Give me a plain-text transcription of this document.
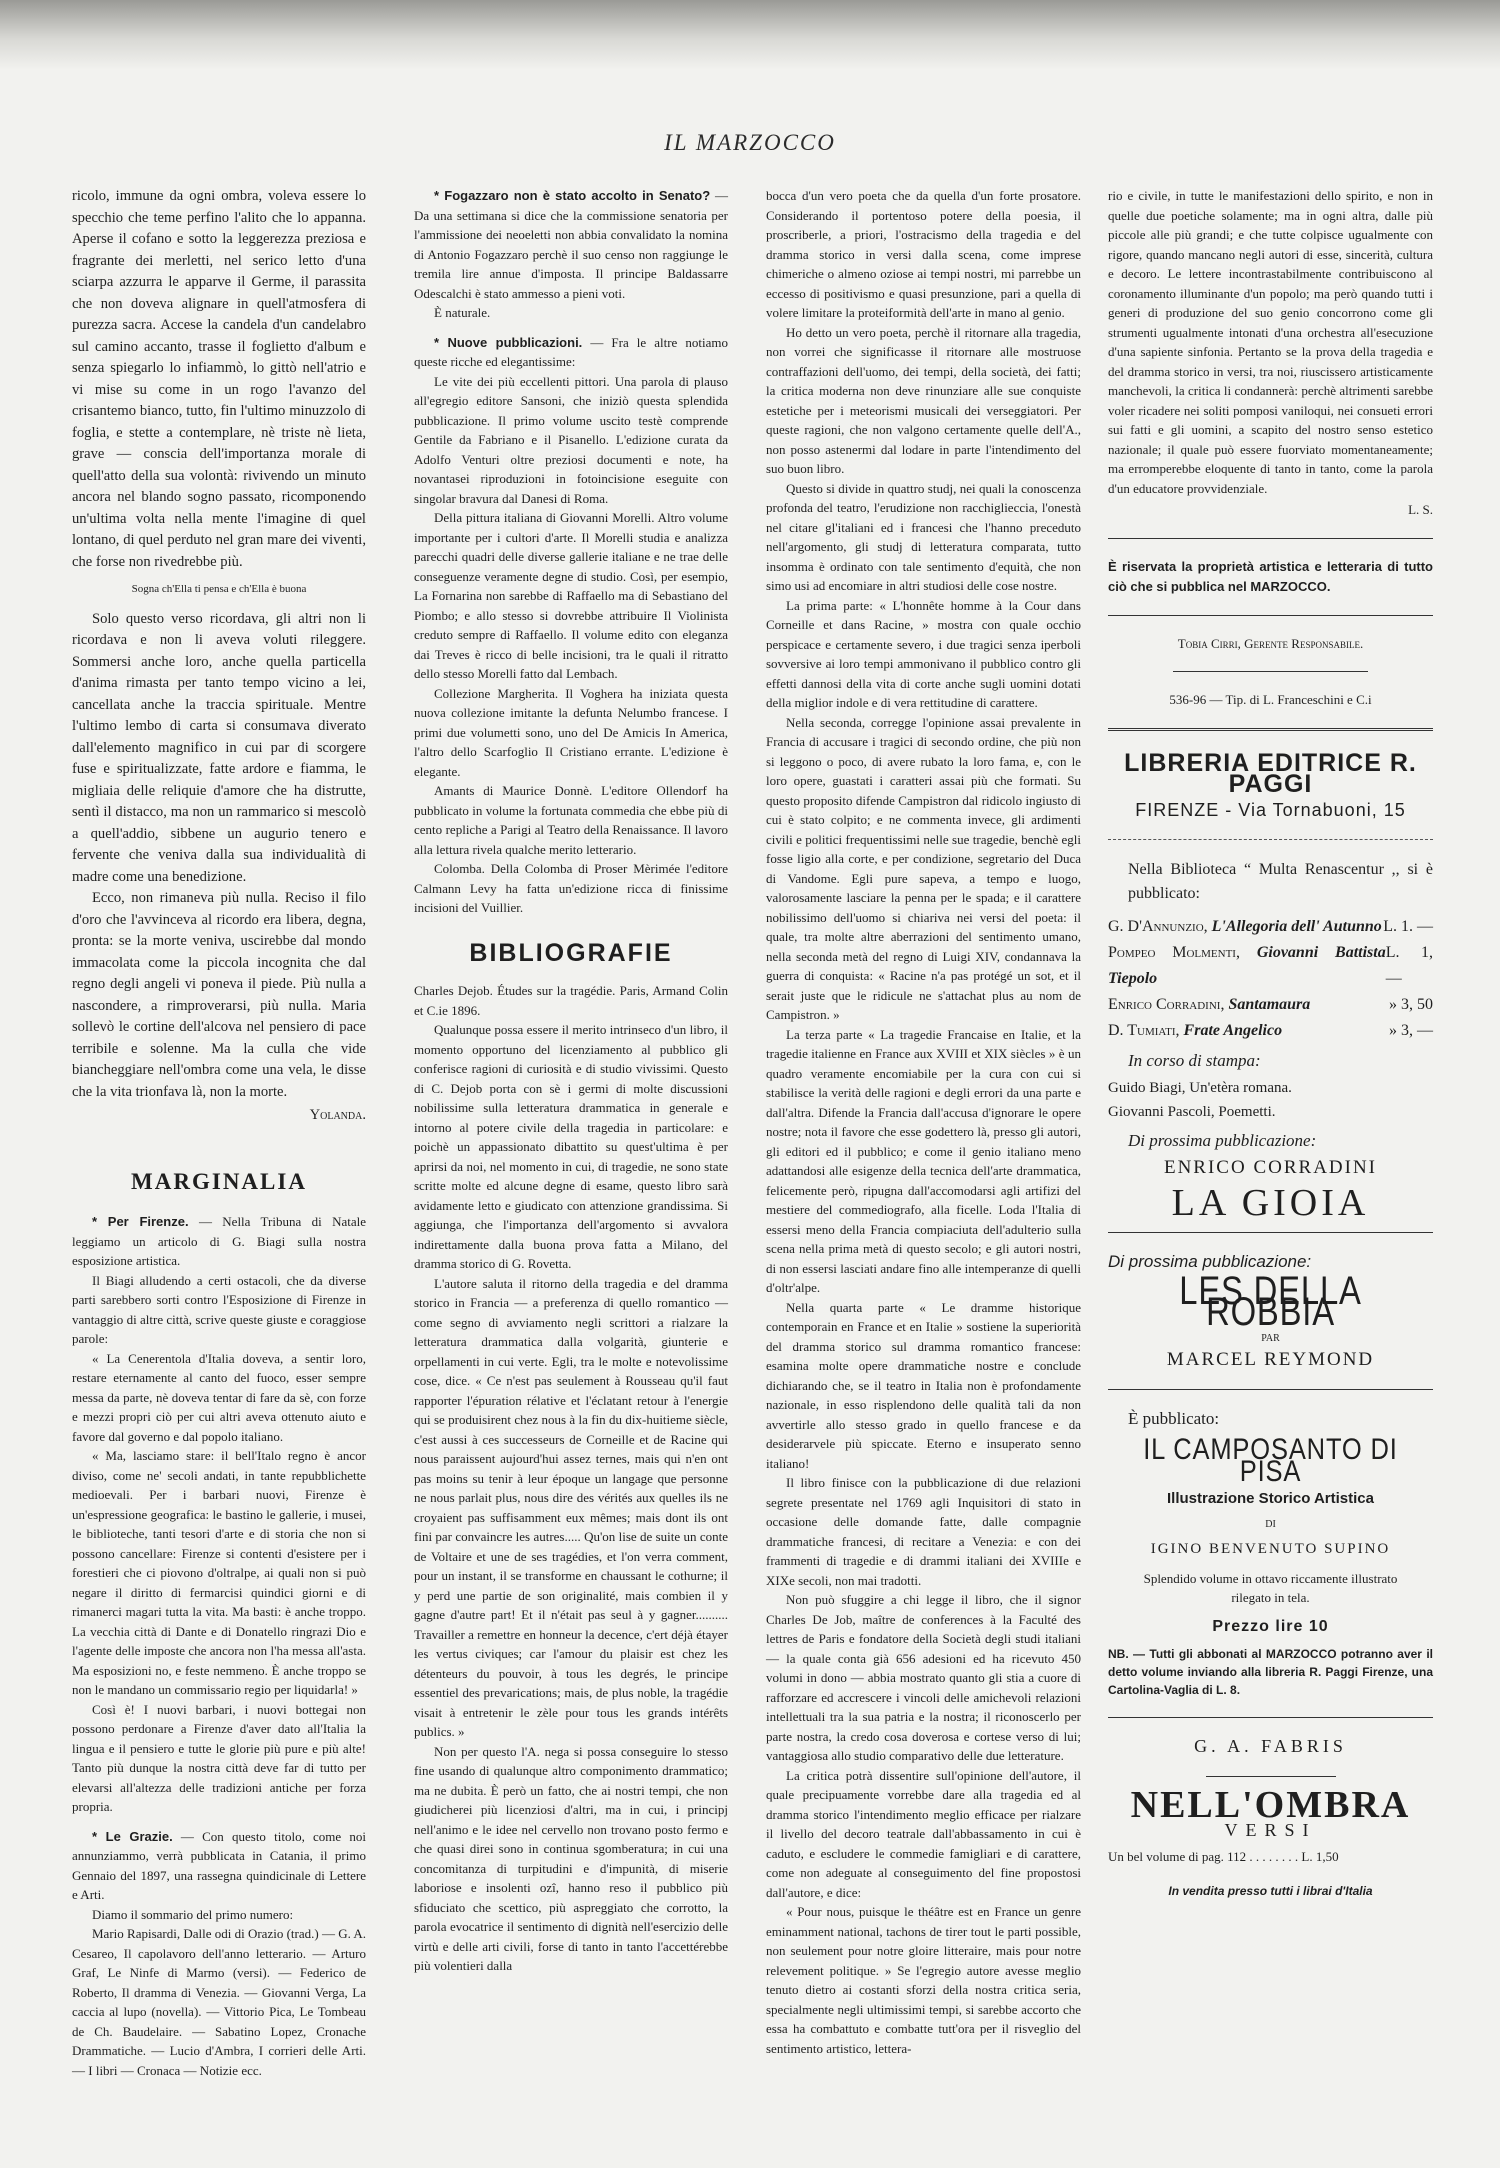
IL MARZOCCO

ricolo, immune da ogni ombra, voleva essere lo specchio che teme perfino l'alito che lo appanna. Aperse il cofano e sotto la leggerezza preziosa e fragrante dei merletti, nel serico letto d'una sciarpa azzurra le apparve il Germe, il parassita che non doveva alignare in quell'atmosfera di purezza sacra. Accese la candela d'un candelabro sul camino accanto, trasse il foglietto d'album e senza spiegarlo lo infiammò, lo gittò nell'atrio e vi mise su come in un rogo l'avanzo del crisantemo bianco, tutto, fin l'ultimo minuzzolo di foglia, e stette a contemplare, nè triste nè lieta, grave — conscia dell'importanza morale di quell'atto della sua volontà: rivivendo un minuto ancora nel blando sogno passato, ricomponendo un'ultima volta nella mente l'imagine di quel lontano, di quel perduto nel gran mare dei viventi, che forse non rivedrebbe più.

Sogna ch'Ella ti pensa e ch'Ella è buona

Solo questo verso ricordava, gli altri non li ricordava e non li aveva voluti rileggere. Sommersi anche loro, anche quella particella d'anima rimasta per tanto tempo vicino a lei, cancellata anche la traccia spirituale. Mentre l'ultimo lembo di carta si consumava diverato dall'elemento magnifico in cui par di scorgere fuse e spiritualizzate, fatte ardore e fiamma, le migliaia delle reliquie d'amore che ha distrutte, sentì il distacco, ma non un rammarico si mescolò a quell'addio, sibbene un augurio tenero e fervente che veniva dalla sua individualità di madre come una benedizione.

Ecco, non rimaneva più nulla. Reciso il filo d'oro che l'avvinceva al ricordo era libera, degna, pronta: se la morte veniva, uscirebbe dal mondo immacolata come la piccola incognita che dal regno degli angeli vi poneva il piede. Più nulla a nascondere, a rimproverarsi, più nulla. Maria sollevò le cortine dell'alcova nel pensiero di pace terribile e solenne. Ma la culla che vide biancheggiare nell'ombra come una vela, le disse che la vita trionfava là, non la morte.

Yolanda.
MARGINALIA

* Per Firenze. — Nella Tribuna di Natale leggiamo un articolo di G. Biagi sulla nostra esposizione artistica.

Il Biagi alludendo a certi ostacoli, che da diverse parti sarebbero sorti contro l'Esposizione di Firenze in vantaggio di altre città, scrive queste giuste e coraggiose parole:

« La Cenerentola d'Italia doveva, a sentir loro, restare eternamente al canto del fuoco, esser sempre messa da parte, nè doveva tentar di fare da sè, con forze e mezzi propri ciò per cui altri aveva ottenuto aiuto e favore dal governo e dal popolo italiano.

« Ma, lasciamo stare: il bell'Italo regno è ancor diviso, come ne' secoli andati, in tante repubblichette medioevali. Per i barbari nuovi, Firenze è un'espressione geografica: le bastino le gallerie, i musei, le biblioteche, tanti tesori d'arte e di storia che non si possono cancellare: Firenze si contenti d'esistere per i forestieri che ci piovono d'oltralpe, ai quali non si può negare il diritto di fermarcisi quindici giorni e di rimanerci magari tutta la vita. Ma basti: è anche troppo. La vecchia città di Dante e di Donatello ringrazi Dio e l'agente delle imposte che ancora non l'ha messa all'asta. Ma esposizioni no, e feste nemmeno. È anche troppo se non le mandano un commissario regio per liquidarla! »

Così è! I nuovi barbari, i nuovi bottegai non possono perdonare a Firenze d'aver dato all'Italia la lingua e il pensiero e tutte le glorie più pure e più alte! Tanto più dunque la nostra città deve far di tutto per elevarsi all'altezza delle tradizioni antiche per forza propria.

* Le Grazie. — Con questo titolo, come noi annunziammo, verrà pubblicata in Catania, il primo Gennaio del 1897, una rassegna quindicinale di Lettere e Arti.

Diamo il sommario del primo numero:

Mario Rapisardi, Dalle odi di Orazio (trad.) — G. A. Cesareo, Il capolavoro dell'anno letterario. — Arturo Graf, Le Ninfe di Marmo (versi). — Federico de Roberto, Il dramma di Venezia. — Giovanni Verga, La caccia al lupo (novella). — Vittorio Pica, Le Tombeau de Ch. Baudelaire. — Sabatino Lopez, Cronache Drammatiche. — Lucio d'Ambra, I corrieri delle Arti. — I libri — Cronaca — Notizie ecc.

* Fogazzaro non è stato accolto in Senato? — Da una settimana si dice che la commissione senatoria per l'ammissione dei neoeletti non abbia convalidato la nomina di Antonio Fogazzaro perchè il suo censo non raggiunge le tremila lire annue d'imposta. Il principe Baldassarre Odescalchi è stato ammesso a pieni voti.

È naturale.

* Nuove pubblicazioni. — Fra le altre notiamo queste ricche ed elegantissime:

Le vite dei più eccellenti pittori. Una parola di plauso all'egregio editore Sansoni, che iniziò questa splendida pubblicazione. Il primo volume uscito testè comprende Gentile da Fabriano e il Pisanello. L'edizione curata da Adolfo Venturi oltre preziosi documenti e note, ha novantasei riproduzioni in fotoincisione eseguite con singolar bravura dal Danesi di Roma.

Della pittura italiana di Giovanni Morelli. Altro volume importante per i cultori d'arte. Il Morelli studia e analizza parecchi quadri delle diverse gallerie italiane e ne trae delle conseguenze veramente degne di studio. Così, per esempio, La Fornarina non sarebbe di Raffaello ma di Sebastiano del Piombo; e allo stesso si dovrebbe attribuire Il Violinista creduto sempre di Raffaello. Il volume edito con eleganza dai Treves è ricco di belle incisioni, tra le quali il ritratto dello stesso Morelli fatto dal Lembach.

Collezione Margherita. Il Voghera ha iniziata questa nuova collezione imitante la defunta Nelumbo francese. I primi due volumetti sono, uno del De Amicis In America, l'altro dello Scarfoglio Il Cristiano errante. L'edizione è elegante.

Amants di Maurice Donnè. L'editore Ollendorf ha pubblicato in volume la fortunata commedia che ebbe più di cento repliche a Parigi al Teatro della Renaissance. Il lavoro alla lettura rivela qualche merito letterario.

Colomba. Della Colomba di Proser Mèrimée l'editore Calmann Levy ha fatta un'edizione ricca di finissime incisioni del Vuillier.

BIBLIOGRAFIE

Charles Dejob. Études sur la tragédie. Paris, Armand Colin et C.ie 1896.

Qualunque possa essere il merito intrinseco d'un libro, il momento opportuno del licenziamento al pubblico gli conferisce ragioni di curiosità e di studio vivissimi. Questo di C. Dejob porta con sè i germi di molte discussioni nobilissime sulla letteratura drammatica in generale e intorno al potere civile della tragedia in particolare: e poichè un appassionato dibattito su quest'ultima è per aprirsi da noi, nel momento in cui, di tragedie, ne sono state scritte molte ed alcune degne di esame, questo libro sarà avidamente letto e giudicato con attenzione grandissima. Si aggiunga, che l'importanza dell'argomento si avvalora indirettamente dalla buona prova fatta a Milano, del dramma storico di G. Rovetta.

L'autore saluta il ritorno della tragedia e del dramma storico in Francia — a preferenza di quello romantico — come segno di avviamento negli scrittori a rialzare la letteratura drammatica dalla volgarità, giunterie e orpellamenti in cui verte. Egli, tra le molte e notevolissime cose, dice. « Ce n'est pas seulement à Rousseau qu'il faut rapporter l'épuration rélative et l'éclatant retour à l'energie qui se produisirent chez nous à la fin du dix-huitieme siècle, c'est aussi à ces successeurs de Corneille et de Racine qui nous paraissent aujourd'hui assez ternes, mais qui n'en ont pas moins su tenir à leur époque un langage que personne ne nous parlait plus, nous dire des vérités aux quelles ils ne croyaient pas suffisamment eux mêmes; mais dont ils ont fini par convaincre les autres..... Qu'on lise de suite un conte de Voltaire et une de ses tragédies, et l'on verra comment, pour un instant, il se transforme en chaussant le cothurne; il y perd une partie de son originalité, mais combien il y gagne d'autre part! Et il n'était pas seul à y gagner.......... Travailler a remettre en honneur la decence, c'ert déjà étayer les vertus civiques; car l'amour du plaisir est chez les détenteurs du pouvoir, à tous les degrés, le principe essentiel des prevarications; mais, de plus noble, la tragédie visait à entretenir le zèle pour tous les grands intérêts publics. »

Non per questo l'A. nega si possa conseguire lo stesso fine usando di qualunque altro componimento drammatico; ma ne dubita. È però un fatto, che ai nostri tempi, che non giudicherei più licenziosi d'altri, ma in cui, i principj nell'animo e le idee nel cervello non trovano posto fermo e che quasi direi sono in continua sgomberatura; in cui una concomitanza di turpitudini e d'impunità, di miserie laboriose e insolenti ozî, hanno reso il pubblico più sfiduciato che scettico, più aspreggiato che corrotto, la parola evocatrice il sentimento di dignità nell'esercizio delle virtù e delle arti civili, forse di tanto in tanto l'accettérebbe più volentieri dalla

bocca d'un vero poeta che da quella d'un forte prosatore. Considerando il portentoso potere della poesia, il proscriberle, a priori, l'ostracismo della tragedia e del dramma storico in versi dalla scena, come imprese chimeriche o almeno oziose ai tempi nostri, mi parrebbe un eccesso di positivismo e quasi presunzione, pari a quella di volere limitare la proteiformità dell'arte in mano al genio.

Ho detto un vero poeta, perchè il ritornare alla tragedia, non vorrei che significasse il ritornare alle mostruose contraffazioni dell'uomo, dei tempi, della società, dei fatti; la critica moderna non deve rinunziare alle sue conquiste estetiche per i meteorismi musicali dei verseggiatori. Per queste ragioni, che non valgono certamente quelle dell'A., non posso astenermi dal lodare in parte l'intendimento del suo buon libro.

Questo si divide in quattro studj, nei quali la conoscenza profonda del teatro, l'erudizione non racchiglieccia, l'onestà nel citare gl'italiani ed i francesi che l'hanno preceduto nell'argomento, gli studj di letteratura comparata, tutto insomma è ordinato con tale sentimento d'equità, che non simo usi ad encomiare in altri studiosi delle cose nostre.

La prima parte: « L'honnête homme à la Cour dans Corneille et dans Racine, » mostra con quale occhio perspicace e certamente severo, i due tragici senza iperboli sovversive ai loro tempi ammonivano il pubblico contro gli effetti dannosi della vita di corte anche sugli uomini dotati della miglior indole e di vera rettitudine di carattere.

Nella seconda, corregge l'opinione assai prevalente in Francia di accusare i tragici di secondo ordine, che più non si leggono o poco, di avere rubato la loro fama, e, con le loro opere, guastati i caratteri assai più che formati. Su questo proposito difende Campistron dal ridicolo ingiusto di cui è stato colpito; e ne commenta invece, gli ardimenti civili e politici frequentissimi nelle sue tragedie, benchè egli fosse ligio alla corte, e per condizione, segretario del Duca di Vandome. Egli pure sapeva, a tempo e luogo, valorosamente lasciare la penna per le spada; e il carattere nobilissimo dell'uomo si chiariva nei versi del poeta: il quale, tra molte altre aberrazioni del sentimento umano, nella seconda metà del regno di Luigi XIV, condannava la guerra di conquista: « Racine n'a pas protégé un sot, et il serait juste que le ridicule ne s'attachat plus au nom de Campistron. »

La terza parte « La tragedie Francaise en Italie, et la tragedie italienne en France aux XVIII et XIX siècles » è un quadro veramente encomiabile per la cura con cui si stabilisce la verità delle ragioni e degli errori da una parte e dall'altra. Difende la Francia dall'accusa d'ignorare le opere nostre; nota il favore che esse godettero là, presso gli autori, gli editori ed il pubblico; e come il genio italiano meno adattandosi alle esigenze della tecnica dell'arte drammatica, felicemente però, ripugna dall'accomodarsi agli artifizi del mestiere del commediografo, alla ficelle. Loda l'Italia di essersi meno della Francia compiaciuta dell'adulterio sulla scena nella prima metà di questo secolo; e gli autori nostri, di non essersi lasciati andare fino alle intemperanze di quelli d'oltr'alpe.

Nella quarta parte « Le dramme historique contemporain en France et en Italie » sostiene la superiorità del dramma storico sul dramma romantico francese: esamina molte opere drammatiche nostre e conclude dichiarando che, se il teatro in Italia non è profondamente nazionale, in esso risplendono delle qualità tali da non avvertirle allo stesso grado in quello francese e da desiderarvele più spiccate. Eterno e insuperato senno italiano!

Il libro finisce con la pubblicazione di due relazioni segrete presentate nel 1769 agli Inquisitori di stato in occasione delle domande fatte, dalle compagnie drammatiche francesi, di recitare a Venezia: e con dei frammenti di tragedie e di drammi italiani dei XVIIIe e XIXe secoli, non mai tradotti.

Non può sfuggire a chi legge il libro, che il signor Charles De Job, maître de conferences à la Faculté des lettres de Paris e fondatore della Società degli studi italiani — la quale conta già 656 adesioni ed ha ricevuto 450 volumi in dono — abbia mostrato quanto gli stia a cuore di rafforzare ed accrescere i vincoli delle amichevoli relazioni intellettuali tra la sua patria e la nostra; il riconoscerlo per parte nostra, la credo cosa doverosa e cortese verso di lui; vantaggiosa allo studio comparativo delle due letterature.

La critica potrà dissentire sull'opinione dell'autore, il quale precipuamente vorrebbe dare alla tragedia ed al dramma storico l'intendimento meglio efficace per rialzare il livello del decoro teatrale dall'abbassamento in cui è caduto, e escludere le commedie famigliari e di carattere, come non adeguate al conseguimento del fine propostosi dall'autore, e dice:

« Pour nous, puisque le théâtre est en France un genre eminamment national, tachons de tirer tout le parti possible, non seulement pour notre gloire litteraire, mais pour notre relevement politique. » Se l'egregio autore avesse meglio tenuto dietro ai costanti sforzi della nostra critica seria, specialmente negli ultimissimi tempi, si sarebbe accorto che essa ha combattuto e combatte tutt'ora per il risveglio del sentimento artistico, lettera-

rio e civile, in tutte le manifestazioni dello spirito, e non in quelle due poetiche solamente; ma in ogni altra, dalle più piccole alle più grandi; e che tutte colpisce ugualmente con rigore, quando mancano negli autori di esse, sincerità, cultura e decoro. Le lettere incontrastabilmente contribuiscono al coronamento illuminante d'un popolo; ma però quando tutti i generi di produzione del suo genio concorrono come gli strumenti ugualmente intonati d'una orchestra all'esecuzione d'una sapiente sinfonia. Pertanto se la prova della tragedia e del dramma storico in versi, tra noi, riuscissero artisticamente manchevoli, la critica li condannerà: perchè altrimenti sarebbe voler ricadere nei soliti pomposi vaniloqui, nei consueti errori sui fatti e gli uomini, a scapito del nostro senso estetico nazionale; il quale può essere fuorviato momentaneamente; ma erromperebbe eloquente di tanto in tanto, come la parola d'un educatore provvidenziale.

L. S.
È riservata la proprietà artistica e letteraria di tutto ciò che si pubblica nel MARZOCCO.
Tobia Cirri, Gerente Responsabile.
536-96 — Tip. di L. Franceschini e C.i
LIBRERIA EDITRICE R. PAGGI
FIRENZE - Via Tornabuoni, 15
Nella Biblioteca “ Multa Renascentur ,, si è pubblicato:
G. D'Annunzio, L'Allegoria dell' Autunno L. 1. —
Pompeo Molmenti, Giovanni Battista Tiepolo
L. 1, —
Enrico Corradini, Santamaura	» 3, 50
D. Tumiati, Frate Angelico	» 3, —
In corso di stampa:
Guido Biagi, Un'etèra romana.
Giovanni Pascoli, Poemetti.
Di prossima pubblicazione:
ENRICO CORRADINI
LA GIOIA
Di prossima pubblicazione:
LES DELLA ROBBIA
PAR
MARCEL REYMOND
È pubblicato:
IL CAMPOSANTO DI PISA
Illustrazione Storico Artistica
DI
IGINO BENVENUTO SUPINO
Splendido volume in ottavo riccamente illustrato rilegato in tela.
Prezzo lire 10
NB. — Tutti gli abbonati al MARZOCCO potranno aver il detto volume inviando alla libreria R. Paggi Firenze, una Cartolina-Vaglia di L. 8.
G. A. FABRIS
NELL'OMBRA
VERSI
Un bel volume di pag. 112 . . . . . . . . L. 1,50
In vendita presso tutti i librai d'Italia
